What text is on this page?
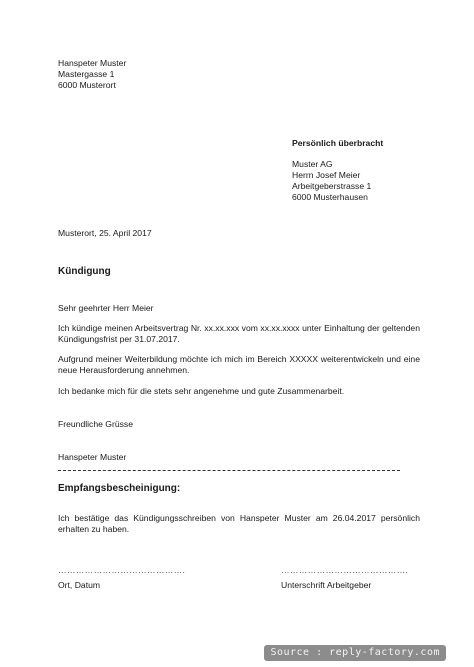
Hanspeter Muster
Mastergasse 1
6000 Musterort
Persönlich überbracht
Muster AG
Herrn Josef Meier
Arbeitgeberstrasse 1
6000 Musterhausen
Musterort, 25. April 2017
Kündigung
Sehr geehrter Herr Meier
Ich kündige meinen Arbeitsvertrag Nr. xx.xx.xxx vom xx.xx.xxxx unter Einhaltung der geltenden Kündigungsfrist per 31.07.2017.
Aufgrund meiner Weiterbildung möchte ich mich im Bereich XXXXX weiterentwickeln und eine neue Herausforderung annehmen.
Ich bedanke mich für die stets sehr angenehme und gute Zusammenarbeit.
Freundliche Grüsse
Hanspeter Muster
Empfangsbescheinigung:
Ich bestätige das Kündigungsschreiben von Hanspeter Muster am 26.04.2017 persönlich erhalten zu haben.
…………………………………….
Ort, Datum
…………………………………….
Unterschrift Arbeitgeber
Source : reply-factory.com
